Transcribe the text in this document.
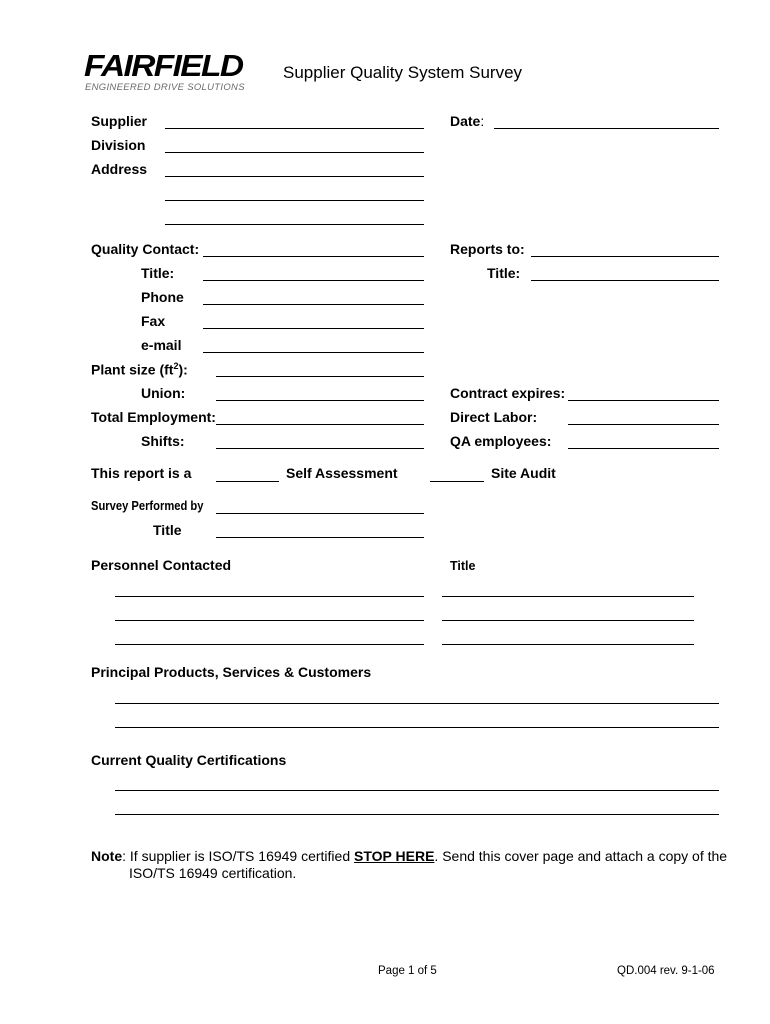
FAIRFIELD
ENGINEERED DRIVE SOLUTIONS
Supplier Quality System Survey
Supplier	Date:
Division
Address
Quality Contact:	Reports to:
Title:	Title:
Phone
Fax
e-mail
Plant size $(ft^2)$:
Union:	Contract expires:
Total Employment:	Direct Labor:
Shifts:	QA employees:
This report is a	Self Assessment	Site Audit
Survey Performed by
Title
Personnel Contacted	Title
Principal Products, Services & Customers
Current Quality Certifications
Note: If supplier is ISO/TS 16949 certified STOP HERE. Send this cover page and attach a copy of the
ISO/TS 16949 certification.
Page 1 of 5	QD.004 rev. 9-1-06
